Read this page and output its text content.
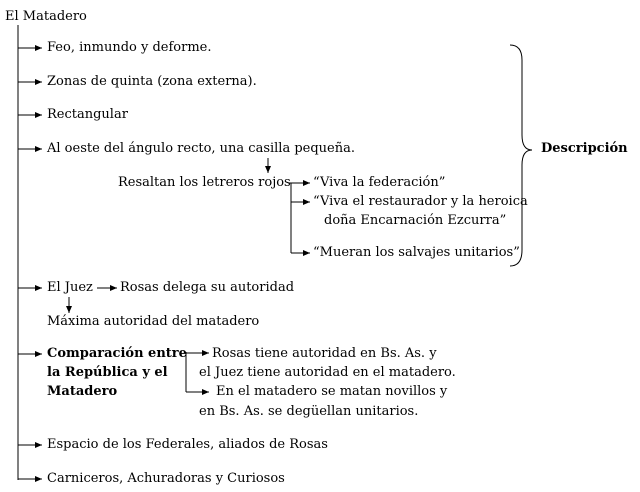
El Matadero
Feo, inmundo y deforme.
Zonas de quinta (zona externa).
Rectangular
Al oeste del ángulo recto, una casilla pequeña.	Descripción
Resaltan los letreros rojos “Viva la federación”
“Viva el restaurador y la heroica
doña Encarnación Ezcurra”
“Mueran los salvajes unitarios”
El Juez Rosas delega su autoridad
Máxima autoridad del matadero
Comparación entre
la República y el
Matadero
Rosas tiene autoridad en Bs. As. y
el Juez tiene autoridad en el matadero.
En el matadero se matan novillos y
en Bs. As. se degüellan unitarios.
Espacio de los Federales, aliados de Rosas
Carniceros, Achuradoras y Curiosos
